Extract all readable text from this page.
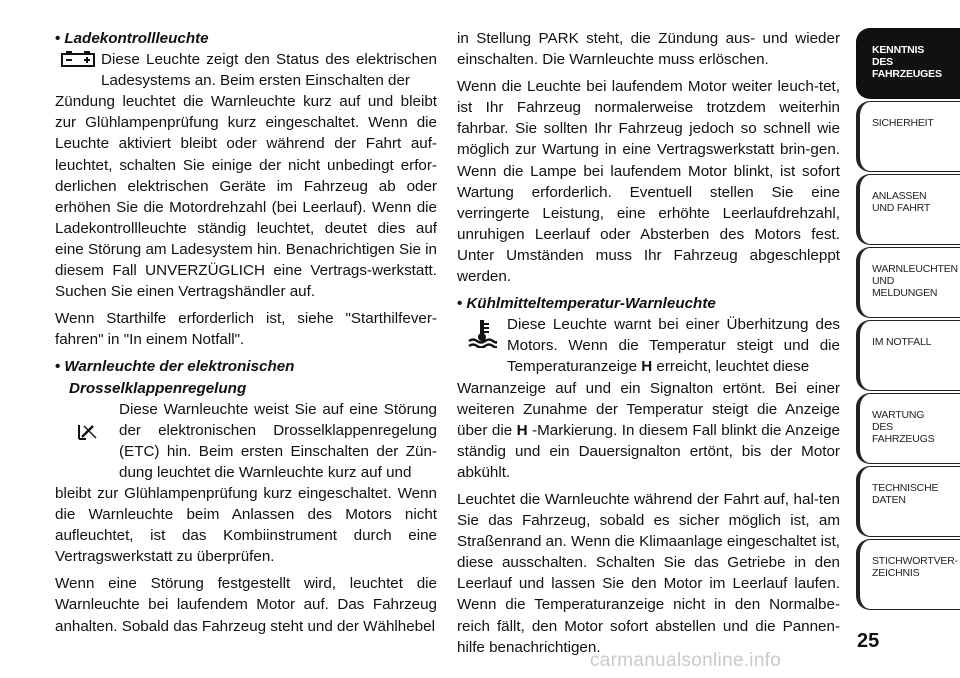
• Ladekontrollleuchte
Diese Leuchte zeigt den Status des elektrischen Ladesystems an. Beim ersten Einschalten der

Zündung leuchtet die Warnleuchte kurz auf und bleibt zur Glühlampenprüfung kurz eingeschaltet. Wenn die Leuchte aktiviert bleibt oder während der Fahrt auf-leuchtet, schalten Sie einige der nicht unbedingt erfor-derlichen elektrischen Geräte im Fahrzeug ab oder erhöhen Sie die Motordrehzahl (bei Leerlauf). Wenn die Ladekontrollleuchte ständig leuchtet, deutet dies auf eine Störung am Ladesystem hin. Benachrichtigen Sie in diesem Fall UNVERZÜGLICH eine Vertrags-werkstatt. Suchen Sie einen Vertragshändler auf.

Wenn Starthilfe erforderlich ist, siehe "Starthilfever-fahren" in "In einem Notfall".

• Warnleuchte der elektronischen
Drosselklappenregelung
Diese Warnleuchte weist Sie auf eine Störung der elektronischen Drosselklappenregelung (ETC) hin. Beim ersten Einschalten der Zün-dung leuchtet die Warnleuchte kurz auf und

bleibt zur Glühlampenprüfung kurz eingeschaltet. Wenn die Warnleuchte beim Anlassen des Motors nicht aufleuchtet, ist das Kombiinstrument durch eine Vertragswerkstatt zu überprüfen.

Wenn eine Störung festgestellt wird, leuchtet die Warnleuchte bei laufendem Motor auf. Das Fahrzeug anhalten. Sobald das Fahrzeug steht und der Wählhebel

in Stellung PARK steht, die Zündung aus- und wieder einschalten. Die Warnleuchte muss erlöschen.

Wenn die Leuchte bei laufendem Motor weiter leuch-tet, ist Ihr Fahrzeug normalerweise trotzdem weiterhin fahrbar. Sie sollten Ihr Fahrzeug jedoch so schnell wie möglich zur Wartung in eine Vertragswerkstatt brin-gen. Wenn die Lampe bei laufendem Motor blinkt, ist sofort Wartung erforderlich. Eventuell stellen Sie eine verringerte Leistung, eine erhöhte Leerlaufdrehzahl, unruhigen Leerlauf oder Absterben des Motors fest. Unter Umständen muss Ihr Fahrzeug abgeschleppt werden.

• Kühlmitteltemperatur-Warnleuchte
Diese Leuchte warnt bei einer Überhitzung des Motors. Wenn die Temperatur steigt und die Temperaturanzeige H erreicht, leuchtet diese

Warnanzeige auf und ein Signalton ertönt. Bei einer weiteren Zunahme der Temperatur steigt die Anzeige über die H -Markierung. In diesem Fall blinkt die Anzeige ständig und ein Dauersignalton ertönt, bis der Motor abkühlt.

Leuchtet die Warnleuchte während der Fahrt auf, hal-ten Sie das Fahrzeug, sobald es sicher möglich ist, am Straßenrand an. Wenn die Klimaanlage eingeschaltet ist, diese ausschalten. Schalten Sie das Getriebe in den Leerlauf und lassen Sie den Motor im Leerlauf laufen. Wenn die Temperaturanzeige nicht in den Normalbe-reich fällt, den Motor sofort abstellen und die Pannen-hilfe benachrichtigen.

KENNTNIS
DES
FAHRZEUGES
SICHERHEIT
ANLASSEN
UND FAHRT
WARNLEUCHTEN
UND
MELDUNGEN
IM NOTFALL
WARTUNG
DES
FAHRZEUGS
TECHNISCHE
DATEN
STICHWORTVER-
ZEICHNIS
25
carmanualsonline.info
